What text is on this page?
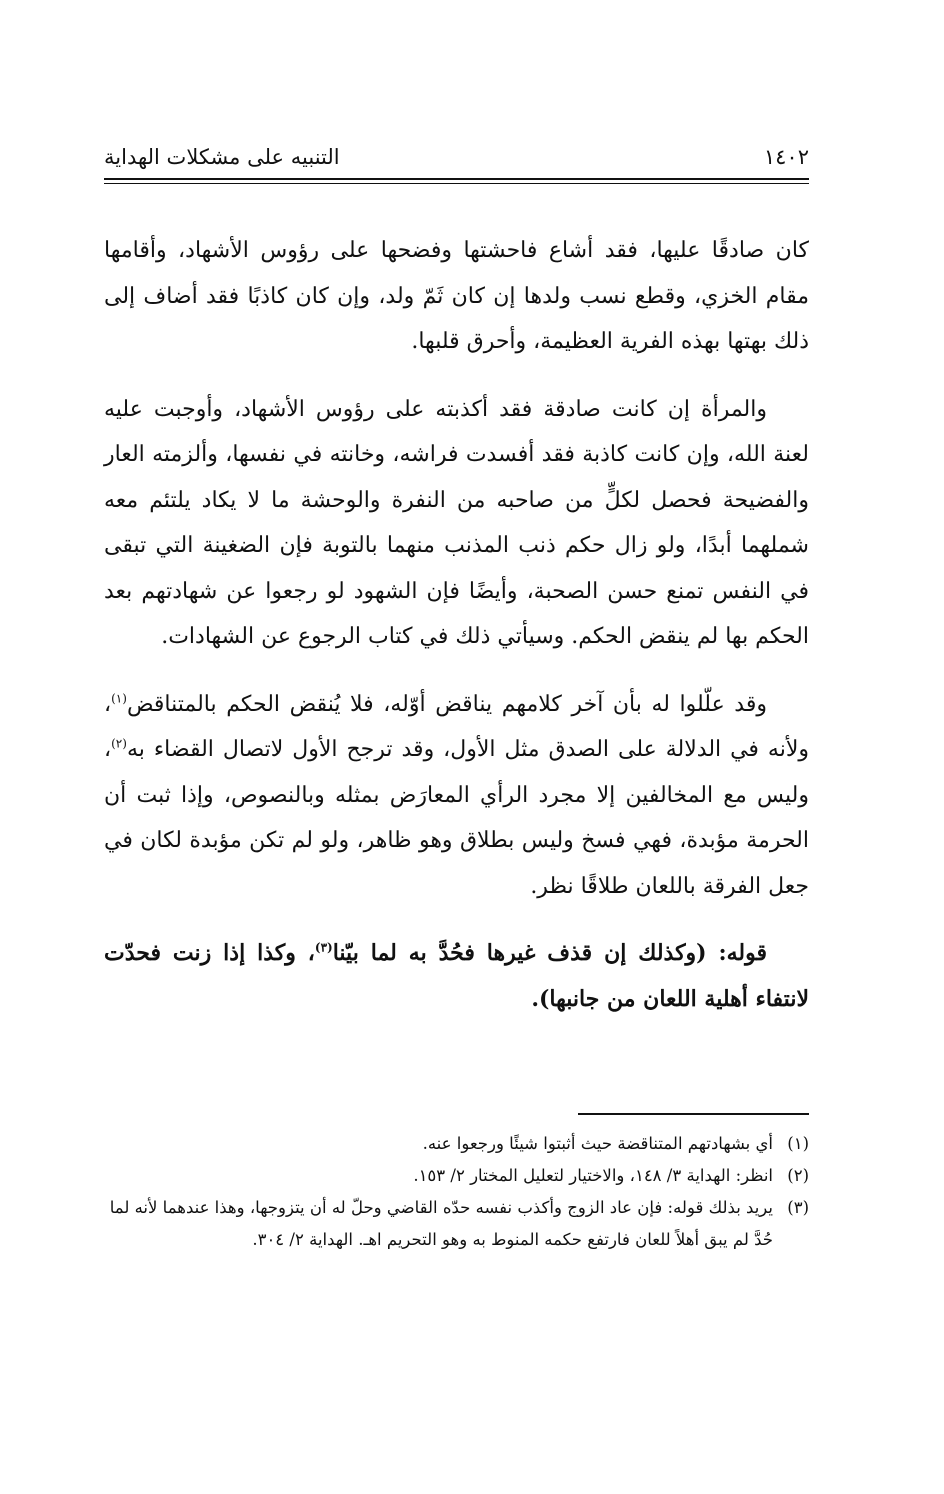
١٤٠٢
التنبيه على مشكلات الهداية

كان صادقًا عليها، فقد أشاع فاحشتها وفضحها على رؤوس الأشهاد، وأقامها مقام الخزي، وقطع نسب ولدها إن كان ثَمّ ولد، وإن كان كاذبًا فقد أضاف إلى ذلك بهتها بهذه الفرية العظيمة، وأحرق قلبها.

والمرأة إن كانت صادقة فقد أكذبته على رؤوس الأشهاد، وأوجبت عليه لعنة الله، وإن كانت كاذبة فقد أفسدت فراشه، وخانته في نفسها، وألزمته العار والفضيحة فحصل لكلٍّ من صاحبه من النفرة والوحشة ما لا يكاد يلتئم معه شملهما أبدًا، ولو زال حكم ذنب المذنب منهما بالتوبة فإن الضغينة التي تبقى في النفس تمنع حسن الصحبة، وأيضًا فإن الشهود لو رجعوا عن شهادتهم بعد الحكم بها لم ينقض الحكم. وسيأتي ذلك في كتاب الرجوع عن الشهادات.

وقد علّلوا له بأن آخر كلامهم يناقض أوّله، فلا يُنقض الحكم بالمتناقض$^{(١)}$، ولأنه في الدلالة على الصدق مثل الأول، وقد ترجح الأول لاتصال القضاء به$^{(٢)}$، وليس مع المخالفين إلا مجرد الرأي المعارَض بمثله وبالنصوص، وإذا ثبت أن الحرمة مؤبدة، فهي فسخ وليس بطلاق وهو ظاهر، ولو لم تكن مؤبدة لكان في جعل الفرقة باللعان طلاقًا نظر.

قوله: (وكذلك إن قذف غيرها فحُدَّ به لما بيّنا$^{(٣)}$، وكذا إذا زنت فحدّت لانتفاء أهلية اللعان من جانبها).

(١)
أي بشهادتهم المتناقضة حيث أثبتوا شيئًا ورجعوا عنه.
(٢)
انظر: الهداية ٣/ ١٤٨، والاختيار لتعليل المختار ٢/ ١٥٣.
(٣)
يريد بذلك قوله: فإن عاد الزوج وأكذب نفسه حدّه القاضي وحلّ له أن يتزوجها، وهذا عندهما لأنه لما حُدَّ لم يبق أهلاً للعان فارتفع حكمه المنوط به وهو التحريم اهـ. الهداية ٢/ ٣٠٤.
